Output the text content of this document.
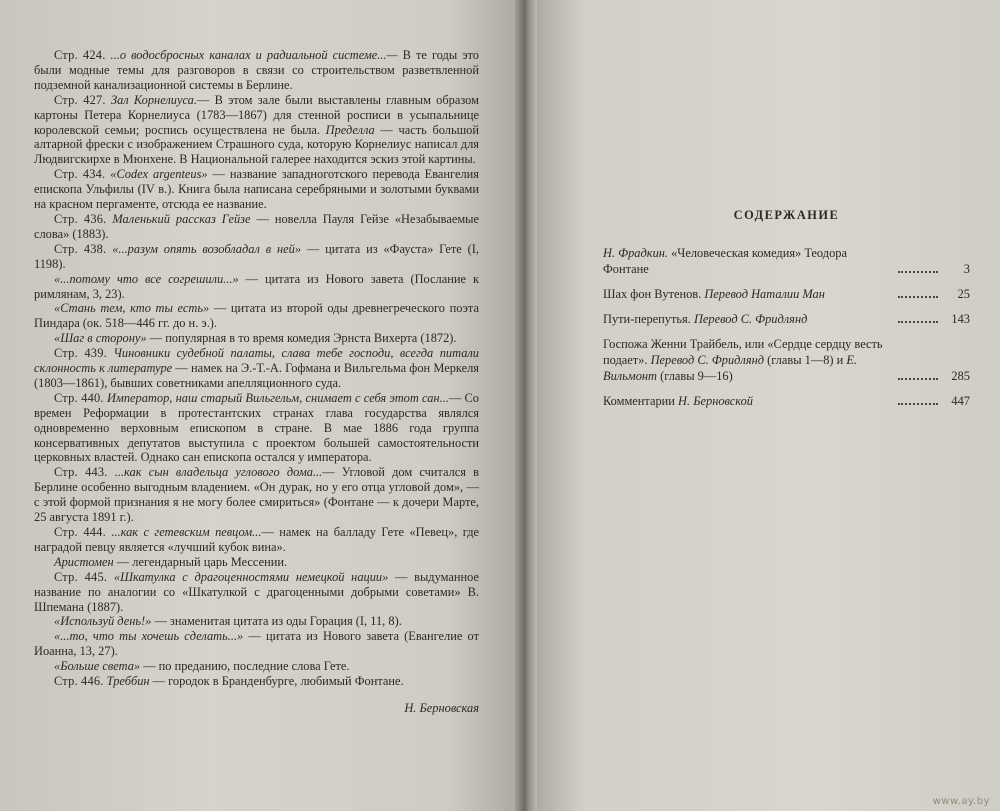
Стр. 424. ...о водосбросных каналах и радиальной системе...— В те годы это были модные темы для разговоров в связи со строительством разветвленной подземной канализационной системы в Берлине.

Стр. 427. Зал Корнелиуса.— В этом зале были выставлены главным образом картоны Петера Корнелиуса (1783—1867) для стенной росписи в усыпальнице королевской семьи; роспись осуществлена не была. Пределла — часть большой алтарной фрески с изображением Страшного суда, которую Корнелиус написал для Людвигскирхе в Мюнхене. В Национальной галерее находится эскиз этой картины.

Стр. 434. «Codex argenteus» — название западноготского перевода Евангелия епископа Ульфилы (IV в.). Книга была написана серебряными и золотыми буквами на красном пергаменте, отсюда ее название.

Стр. 436. Маленький рассказ Гейзе — новелла Пауля Гейзе «Незабываемые слова» (1883).

Стр. 438. «...разум опять возобладал в ней» — цитата из «Фауста» Гете (I, 1198).

«...потому что все согрешили...» — цитата из Нового завета (Послание к римлянам, 3, 23).

«Стань тем, кто ты есть» — цитата из второй оды древнегреческого поэта Пиндара (ок. 518—446 гг. до н. э.).

«Шаг в сторону» — популярная в то время комедия Эрнста Вихерта (1872).

Стр. 439. Чиновники судебной палаты, слава тебе господи, всегда питали склонность к литературе — намек на Э.-Т.-А. Гофмана и Вильгельма фон Меркеля (1803—1861), бывших советниками апелляционного суда.

Стр. 440. Император, наш старый Вильгельм, снимает с себя этот сан...— Со времен Реформации в протестантских странах глава государства являлся одновременно верховным епископом в стране. В мае 1886 года группа консервативных депутатов выступила с проектом большей самостоятельности церковных властей. Однако сан епископа остался у императора.

Стр. 443. ...как сын владельца углового дома...— Угловой дом считался в Берлине особенно выгодным владением. «Он дурак, но у его отца угловой дом», — с этой формой признания я не могу более смириться» (Фонтане — к дочери Марте, 25 августа 1891 г.).

Стр. 444. ...как с гетевским певцом...— намек на балладу Гете «Певец», где наградой певцу является «лучший кубок вина».

Аристомен — легендарный царь Мессении.

Стр. 445. «Шкатулка с драгоценностями немецкой нации» — выдуманное название по аналогии со «Шкатулкой с драгоценными добрыми советами» В. Шпемана (1887).

«Используй день!» — знаменитая цитата из оды Горация (I, 11, 8).

«...то, что ты хочешь сделать...» — цитата из Нового завета (Евангелие от Иоанна, 13, 27).

«Больше света» — по преданию, последние слова Гете.

Стр. 446. Треббин — городок в Бранденбурге, любимый Фонтане.

Н. Берновская

СОДЕРЖАНИЕ
Н. Фрадкин. «Человеческая комедия» Теодора Фонтане	3
Шах фон Вутенов. Перевод Наталии Ман	25
Пути-перепутья. Перевод С. Фридлянд	143
Госпожа Женни Трайбель, или «Сердце сердцу весть подает». Перевод С. Фридлянд (главы 1—8) и Е. Вильмонт (главы 9—16)	285
Комментарии Н. Берновской	447
www.ay.by
